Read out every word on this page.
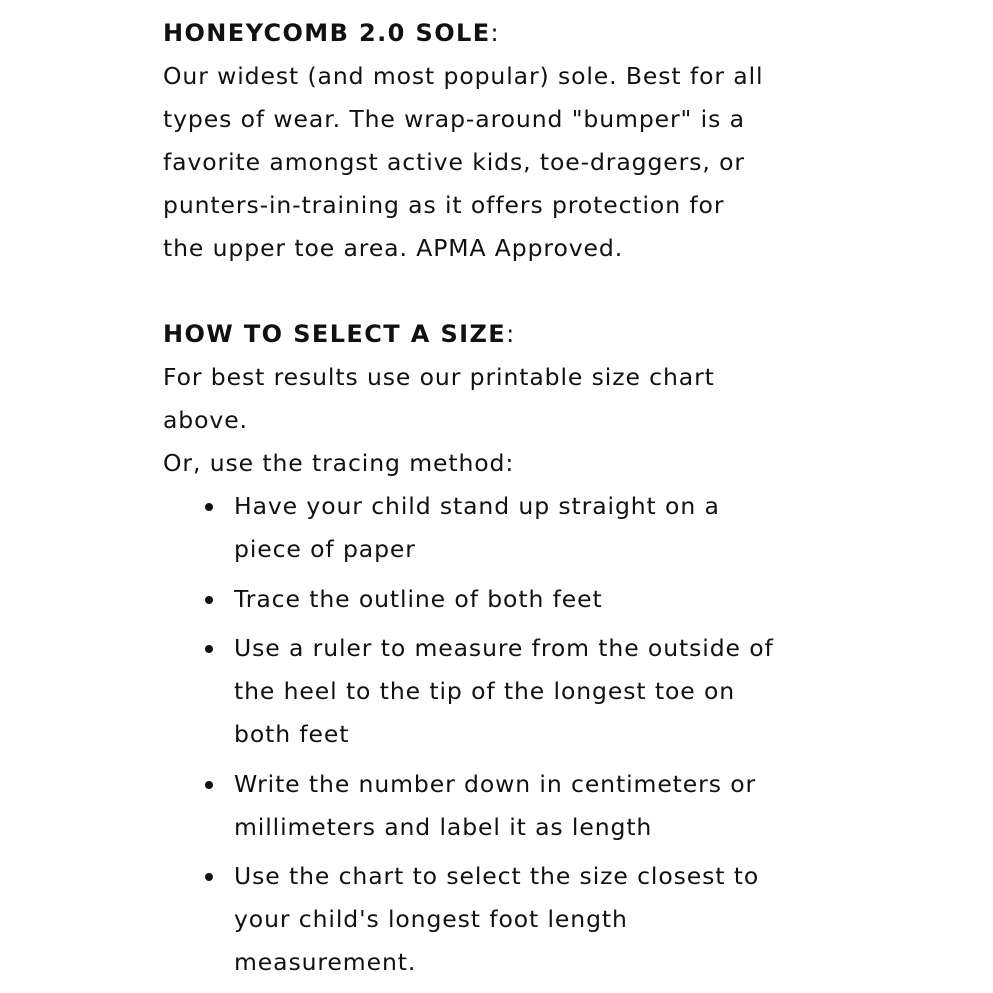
HONEYCOMB 2.0 SOLE:
Our widest (and most popular) sole. Best for all
types of wear. The wrap-around "bumper" is a
favorite amongst active kids, toe-draggers, or
punters-in-training as it offers protection for
the upper toe area. APMA Approved.
HOW TO SELECT A SIZE:
For best results use our printable size chart
above.
Or, use the tracing method:
Have your child stand up straight on a
piece of paper
Trace the outline of both feet
Use a ruler to measure from the outside of
the heel to the tip of the longest toe on
both feet
Write the number down in centimeters or
millimeters and label it as length
Use the chart to select the size closest to
your child's longest foot length
measurement.
